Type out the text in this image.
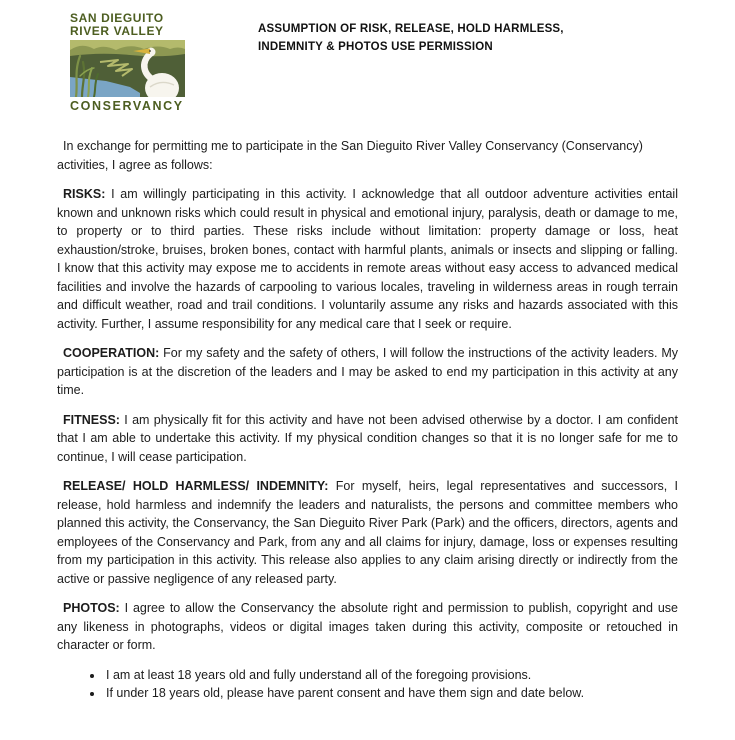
SAN DIEGUITO
RIVER VALLEY
CONSERVANCY
ASSUMPTION OF RISK, RELEASE, HOLD HARMLESS,
INDEMNITY & PHOTOS USE PERMISSION

In exchange for permitting me to participate in the San Dieguito River Valley Conservancy (Conservancy) activities, I agree as follows:

RISKS: I am willingly participating in this activity. I acknowledge that all outdoor adventure activities entail known and unknown risks which could result in physical and emotional injury, paralysis, death or damage to me, to property or to third parties. These risks include without limitation: property damage or loss, heat exhaustion/stroke, bruises, broken bones, contact with harmful plants, animals or insects and slipping or falling. I know that this activity may expose me to accidents in remote areas without easy access to advanced medical facilities and involve the hazards of carpooling to various locales, traveling in wilderness areas in rough terrain and difficult weather, road and trail conditions. I voluntarily assume any risks and hazards associated with this activity. Further, I assume responsibility for any medical care that I seek or require.

COOPERATION: For my safety and the safety of others, I will follow the instructions of the activity leaders. My participation is at the discretion of the leaders and I may be asked to end my participation in this activity at any time.

FITNESS: I am physically fit for this activity and have not been advised otherwise by a doctor. I am confident that I am able to undertake this activity. If my physical condition changes so that it is no longer safe for me to continue, I will cease participation.

RELEASE/ HOLD HARMLESS/ INDEMNITY: For myself, heirs, legal representatives and successors, I release, hold harmless and indemnify the leaders and naturalists, the persons and committee members who planned this activity, the Conservancy, the San Dieguito River Park (Park) and the officers, directors, agents and employees of the Conservancy and Park, from any and all claims for injury, damage, loss or expenses resulting from my participation in this activity. This release also applies to any claim arising directly or indirectly from the active or passive negligence of any released party.

PHOTOS: I agree to allow the Conservancy the absolute right and permission to publish, copyright and use any likeness in photographs, videos or digital images taken during this activity, composite or retouched in character or form.

• I am at least 18 years old and fully understand all of the foregoing provisions.
• If under 18 years old, please have parent consent and have them sign and date below.
